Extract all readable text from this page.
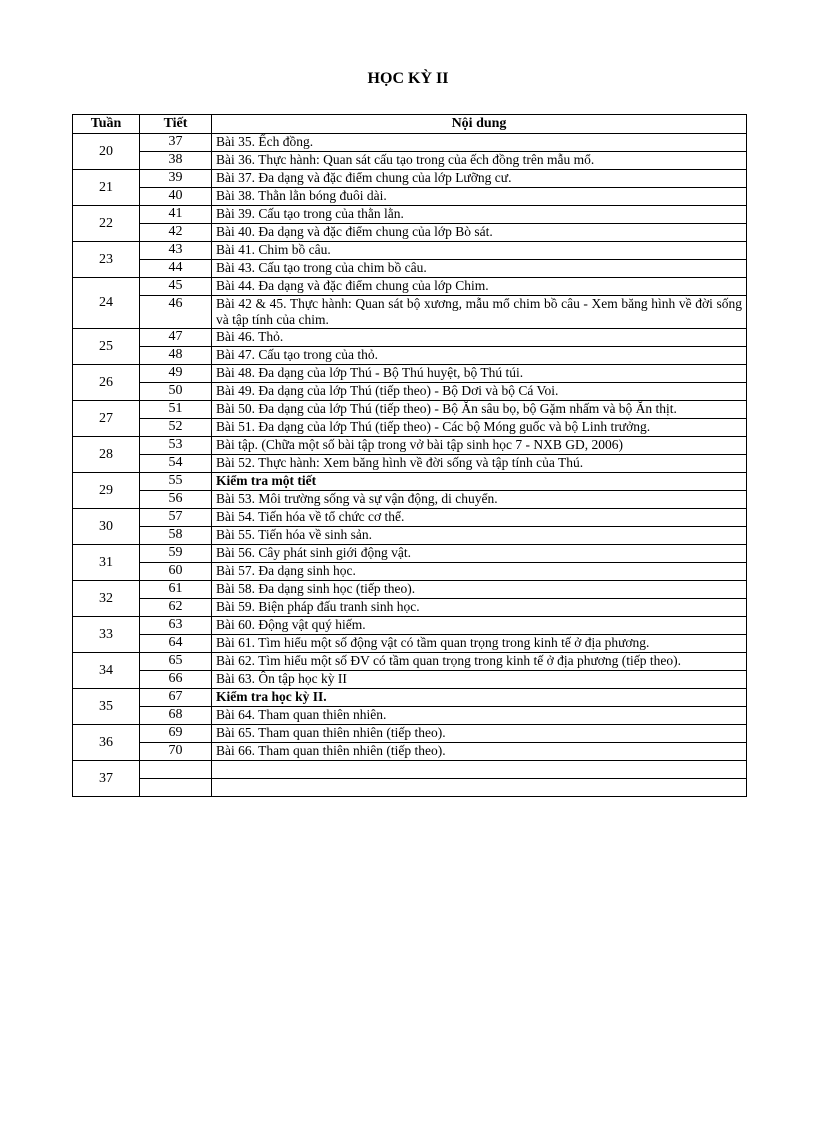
HỌC KỲ II
Tuần	Tiết	Nội dung
20	37	Bài 35. Ếch đồng.
	38	Bài 36. Thực hành: Quan sát cấu tạo trong của ếch đồng trên mẫu mổ.
21	39	Bài 37. Đa dạng và đặc điểm chung của lớp Lưỡng cư.
	40	Bài 38. Thằn lằn bóng đuôi dài.
22	41	Bài 39. Cấu tạo trong của thằn lằn.
	42	Bài 40. Đa dạng và đặc điểm chung của lớp Bò sát.
23	43	Bài 41. Chim bồ câu.
	44	Bài 43. Cấu tạo trong của chim bồ câu.
24	45	Bài 44. Đa dạng và đặc điểm chung của lớp Chim.
	46	Bài 42 & 45. Thực hành: Quan sát bộ xương, mẫu mổ chim bồ câu - Xem băng hình về đời sống và tập tính của chim.
25	47	Bài 46. Thỏ.
	48	Bài 47. Cấu tạo trong của thỏ.
26	49	Bài 48. Đa dạng của lớp Thú - Bộ Thú huyệt, bộ Thú túi.
	50	Bài 49. Đa dạng của lớp Thú (tiếp theo) - Bộ Dơi và bộ Cá Voi.
27	51	Bài 50. Đa dạng của lớp Thú (tiếp theo) - Bộ Ăn sâu bọ, bộ Gặm nhấm và bộ Ăn thịt.
	52	Bài 51. Đa dạng của lớp Thú (tiếp theo) - Các bộ Móng guốc và bộ Linh trưởng.
28	53	Bài tập. (Chữa một số bài tập trong vở bài tập sinh học 7 - NXB GD, 2006)
	54	Bài 52. Thực hành: Xem băng hình về đời sống và tập tính của Thú.
29	55	Kiểm tra một tiết
	56	Bài 53. Môi trường sống và sự vận động, di chuyển.
30	57	Bài 54. Tiến hóa về tổ chức cơ thể.
	58	Bài 55. Tiến hóa về sinh sản.
31	59	Bài 56. Cây phát sinh giới động vật.
	60	Bài 57. Đa dạng sinh học.
32	61	Bài 58. Đa dạng sinh học (tiếp theo).
	62	Bài 59. Biện pháp đấu tranh sinh học.
33	63	Bài 60. Động vật quý hiếm.
	64	Bài 61. Tìm hiểu một số động vật có tầm quan trọng trong kinh tế ở địa phương.
34	65	Bài 62. Tìm hiểu một số ĐV có tầm quan trọng trong kinh tế ở địa phương (tiếp theo).
	66	Bài 63. Ôn tập học kỳ II
35	67	Kiểm tra học kỳ II.
	68	Bài 64. Tham quan thiên nhiên.
36	69	Bài 65. Tham quan thiên nhiên (tiếp theo).
	70	Bài 66. Tham quan thiên nhiên (tiếp theo).
37		
